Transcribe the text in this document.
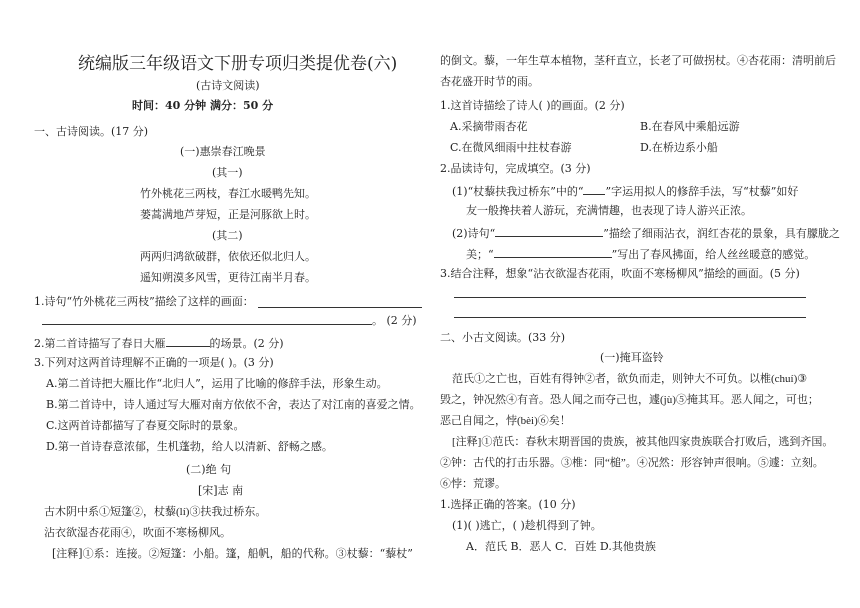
统编版三年级语文下册专项归类提优卷(六)
(古诗文阅读)
时间：40 分钟 满分：50 分
一、古诗阅读。(17 分)
(一)惠崇春江晚景
(其一)
竹外桃花三两枝，春江水暖鸭先知。
蒌蒿满地芦芽短，正是河豚欲上时。
(其二)
两两归鸿欲破群，依依还似北归人。
遥知朔漠多风雪，更待江南半月春。
1.诗句“竹外桃花三两枝”描绘了这样的画面：
。 (2 分)
2.第二首诗描写了春日大雁	的场景。(2 分)
3.下列对这两首诗理解不正确的一项是( )。(3 分)
A.第二首诗把大雁比作“北归人”，运用了比喻的修辞手法，形象生动。
B.第二首诗中，诗人通过写大雁对南方依依不舍，表达了对江南的喜爱之情。
C.这两首诗都描写了春夏交际时的景象。
D.第一首诗春意浓郁，生机蓬勃，给人以清新、舒畅之感。
(二)绝 句
[宋]志 南
古木阴中系①短篷②，杖藜(lí)③扶我过桥东。
沾衣欲湿杏花雨④，吹面不寒杨柳风。
[注释]①系：连接。②短篷：小船。篷，船帆，船的代称。③杖藜：“藜杖”
的倒文。藜，一年生草本植物，茎秆直立，长老了可做拐杖。④杏花雨：清明前后
杏花盛开时节的雨。
1.这首诗描绘了诗人( )的画面。(2 分)
A.采摘带雨杏花	B.在春风中乘船远游
C.在微风细雨中拄杖春游	D.在桥边系小船
2.品读诗句，完成填空。(3 分)
(1)“杖藜扶我过桥东”中的“ ”字运用拟人的修辞手法，写“杖藜”如好
友一般搀扶着人游玩，充满情趣，也表现了诗人游兴正浓。
(2)诗句“	”描绘了细雨沾衣，润红杏花的景象，具有朦胧之
美；“	”写出了春风拂面，给人丝丝暖意的感觉。
3.结合注释，想象“沾衣欲湿杏花雨，吹面不寒杨柳风”描绘的画面。(5 分)
二、小古文阅读。(33 分)
(一)掩耳盗铃
范氏①之亡也，百姓有得钟②者，欲负而走，则钟大不可负。以椎(chuí)③
毁之，钟况然④有音。恐人闻之而夺己也，遽(jù)⑤掩其耳。恶人闻之，可也；
恶己自闻之，悖(bèi)⑥矣！
[注释]①范氏：春秋末期晋国的贵族，被其他四家贵族联合打败后，逃到齐国。
②钟：古代的打击乐器。③椎：同“槌”。④况然：形容钟声很响。⑤遽：立刻。
⑥悖：荒谬。
1.选择正确的答案。(10 分)
(1)( )逃亡，( )趁机得到了钟。
A．范氏 B．恶人 C．百姓 D.其他贵族
